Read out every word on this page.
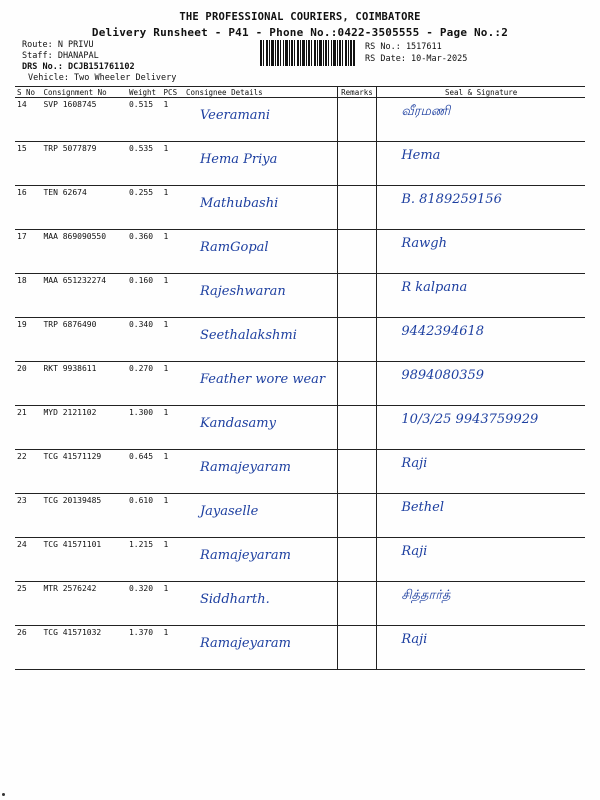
THE PROFESSIONAL COURIERS, COIMBATORE
Delivery Runsheet - P41 - Phone No.:0422-3505555 - Page No.:2
Route: N PRIVU
Staff: DHANAPAL
DRS No.: DCJB151761102
Vehicle: Two Wheeler Delivery
RS No.: 1517611
RS Date: 10-Mar-2025
S No	Consignment No	Weight	PCS	Consignee Details	Remarks	Seal & Signature
14	SVP 1608745	0.515	1	Veeramani		வீரமணி
15	TRP 5077879	0.535	1	Hema Priya		Hema
16	TEN 62674	0.255	1	Mathubashi		B. 8189259156
17	MAA 869090550	0.360	1	RamGopal		Rawgh
18	MAA 651232274	0.160	1	Rajeshwaran		R kalpana
19	TRP 6876490	0.340	1	Seethalakshmi		9442394618
20	RKT 9938611	0.270	1	Feather wore wear		9894080359
21	MYD 2121102	1.300	1	Kandasamy		10/3/25 9943759929
22	TCG 41571129	0.645	1	Ramajeyaram		Raji
23	TCG 20139485	0.610	1	Jayaselle		Bethel
24	TCG 41571101	1.215	1	Ramajeyaram		Raji
25	MTR 2576242	0.320	1	Siddharth.		சித்தார்த்
26	TCG 41571032	1.370	1	Ramajeyaram		Raji
